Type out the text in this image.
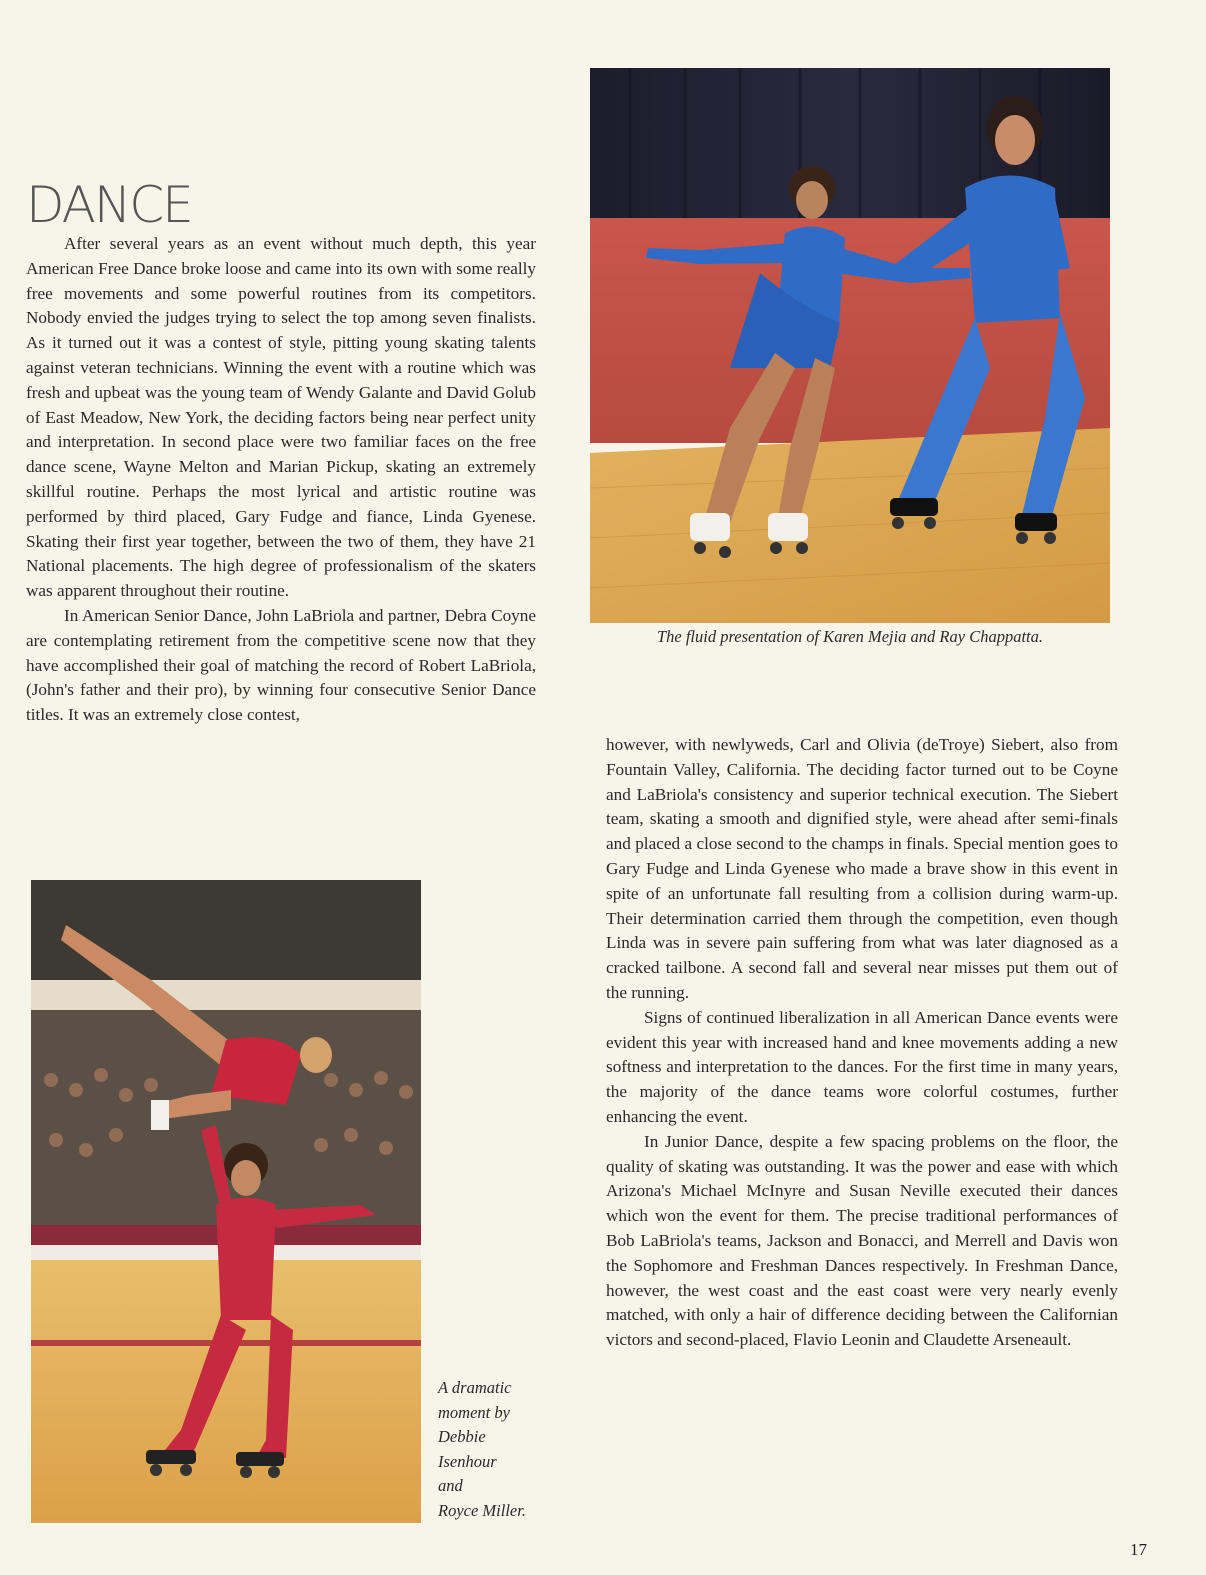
DANCE

After several years as an event without much depth, this year American Free Dance broke loose and came into its own with some really free movements and some powerful routines from its competitors. Nobody envied the judges trying to select the top among seven finalists. As it turned out it was a contest of style, pitting young skating talents against veteran technicians. Winning the event with a routine which was fresh and upbeat was the young team of Wendy Galante and David Golub of East Meadow, New York, the deciding factors being near perfect unity and interpretation. In second place were two familiar faces on the free dance scene, Wayne Melton and Marian Pickup, skating an extremely skillful routine. Perhaps the most lyrical and artistic routine was performed by third placed, Gary Fudge and fiance, Linda Gyenese. Skating their first year together, between the two of them, they have 21 National placements. The high degree of professionalism of the skaters was apparent throughout their routine.

In American Senior Dance, John LaBriola and partner, Debra Coyne are contemplating retirement from the competitive scene now that they have accomplished their goal of matching the record of Robert LaBriola, (John's father and their pro), by winning four consecutive Senior Dance titles. It was an extremely close contest,

however, with newlyweds, Carl and Olivia (deTroye) Siebert, also from Fountain Valley, California. The deciding factor turned out to be Coyne and LaBriola's consistency and superior technical execution. The Siebert team, skating a smooth and dignified style, were ahead after semi-finals and placed a close second to the champs in finals. Special mention goes to Gary Fudge and Linda Gyenese who made a brave show in this event in spite of an unfortunate fall resulting from a collision during warm-up. Their determination carried them through the competition, even though Linda was in severe pain suffering from what was later diagnosed as a cracked tailbone. A second fall and several near misses put them out of the running.

Signs of continued liberalization in all American Dance events were evident this year with increased hand and knee movements adding a new softness and interpretation to the dances. For the first time in many years, the majority of the dance teams wore colorful costumes, further enhancing the event.

In Junior Dance, despite a few spacing problems on the floor, the quality of skating was outstanding. It was the power and ease with which Arizona's Michael McInyre and Susan Neville executed their dances which won the event for them. The precise traditional performances of Bob LaBriola's teams, Jackson and Bonacci, and Merrell and Davis won the Sophomore and Freshman Dances respectively. In Freshman Dance, however, the west coast and the east coast were very nearly evenly matched, with only a hair of difference deciding between the Californian victors and second-placed, Flavio Leonin and Claudette Arseneault.

The fluid presentation of Karen Mejia and Ray Chappatta.
A dramatic
moment by
Debbie
Isenhour
and
Royce Miller.
17
